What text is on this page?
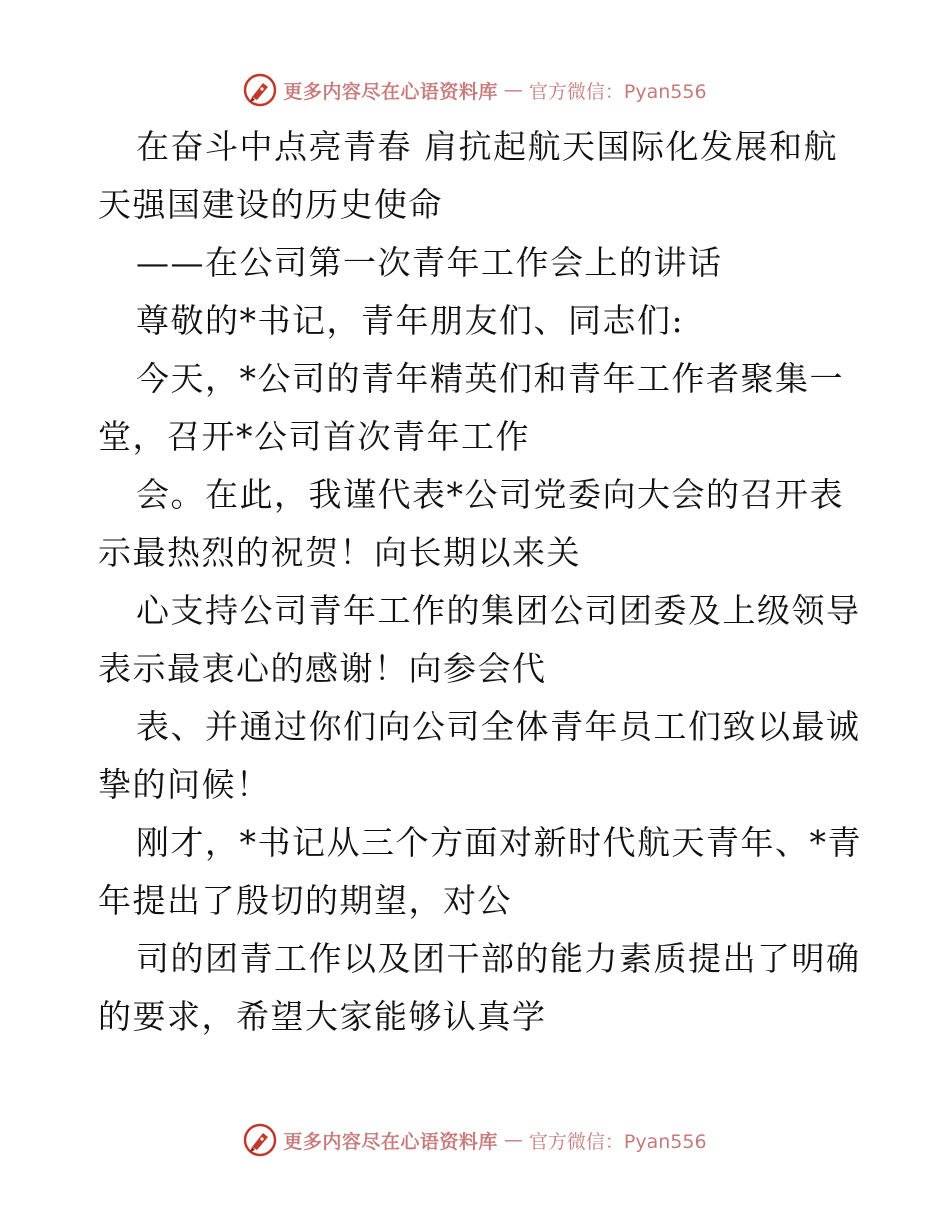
更多内容尽在心语资料库 — 官方微信：Pyan556
在奋斗中点亮青春 肩抗起航天国际化发展和航
天强国建设的历史使命
——在公司第一次青年工作会上的讲话
尊敬的*书记，青年朋友们、同志们:
今天，*公司的青年精英们和青年工作者聚集一
堂，召开*公司首次青年工作
会。在此，我谨代表*公司党委向大会的召开表
示最热烈的祝贺！向长期以来关
心支持公司青年工作的集团公司团委及上级领导
表示最衷心的感谢！向参会代
表、并通过你们向公司全体青年员工们致以最诚
挚的问候！
刚才，*书记从三个方面对新时代航天青年、*青
年提出了殷切的期望，对公
司的团青工作以及团干部的能力素质提出了明确
的要求，希望大家能够认真学
更多内容尽在心语资料库 — 官方微信：Pyan556
